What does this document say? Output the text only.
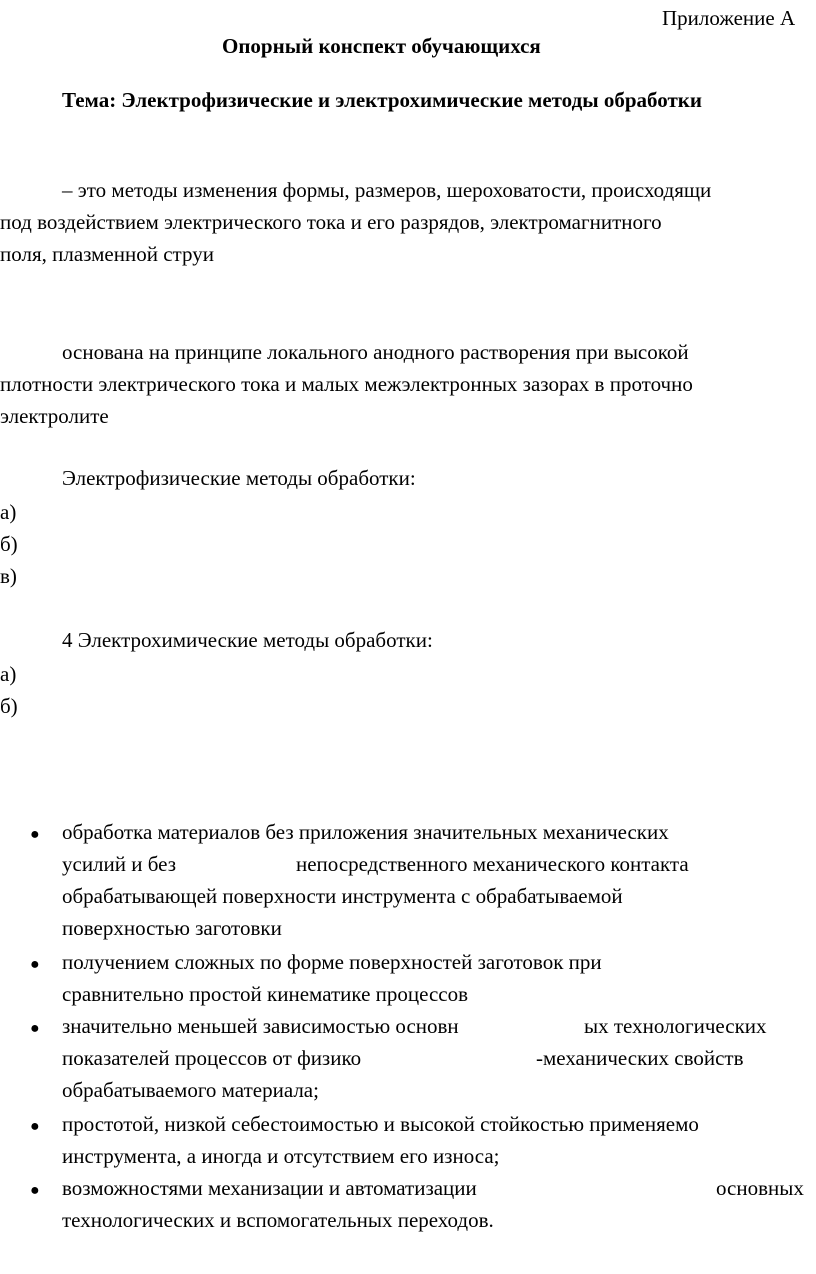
Приложение А
Опорный конспект обучающихся
Тема: Электрофизические и электрохимические методы обработки
– это методы изменения формы, размеров, шероховатости, происходящи
под воздействием электрического тока и его разрядов, электромагнитного
поля, плазменной струи
основана на принципе локального анодного растворения при высокой
плотности электрического тока и малых межэлектронных зазорах в проточно
электролите
Электрофизические методы обработки:
а)
б)
в)
4 Электрохимические методы обработки:
а)
б)
● обработка материалов без приложения значительных механических
усилий и без	непосредственного механического контакта
обрабатывающей поверхности инструмента с обрабатываемой
поверхностью заготовки
● получением сложных по форме поверхностей заготовок при
сравнительно простой кинематике процессов
● значительно меньшей зависимостью основн	ых технологических
показателей процессов от физико	-механических свойств
обрабатываемого материала;
● простотой, низкой себестоимостью и высокой стойкостью применяемо
инструмента, а иногда и отсутствием его износа;
● возможностями механизации и автоматизации	основных
технологических и вспомогательных переходов.
